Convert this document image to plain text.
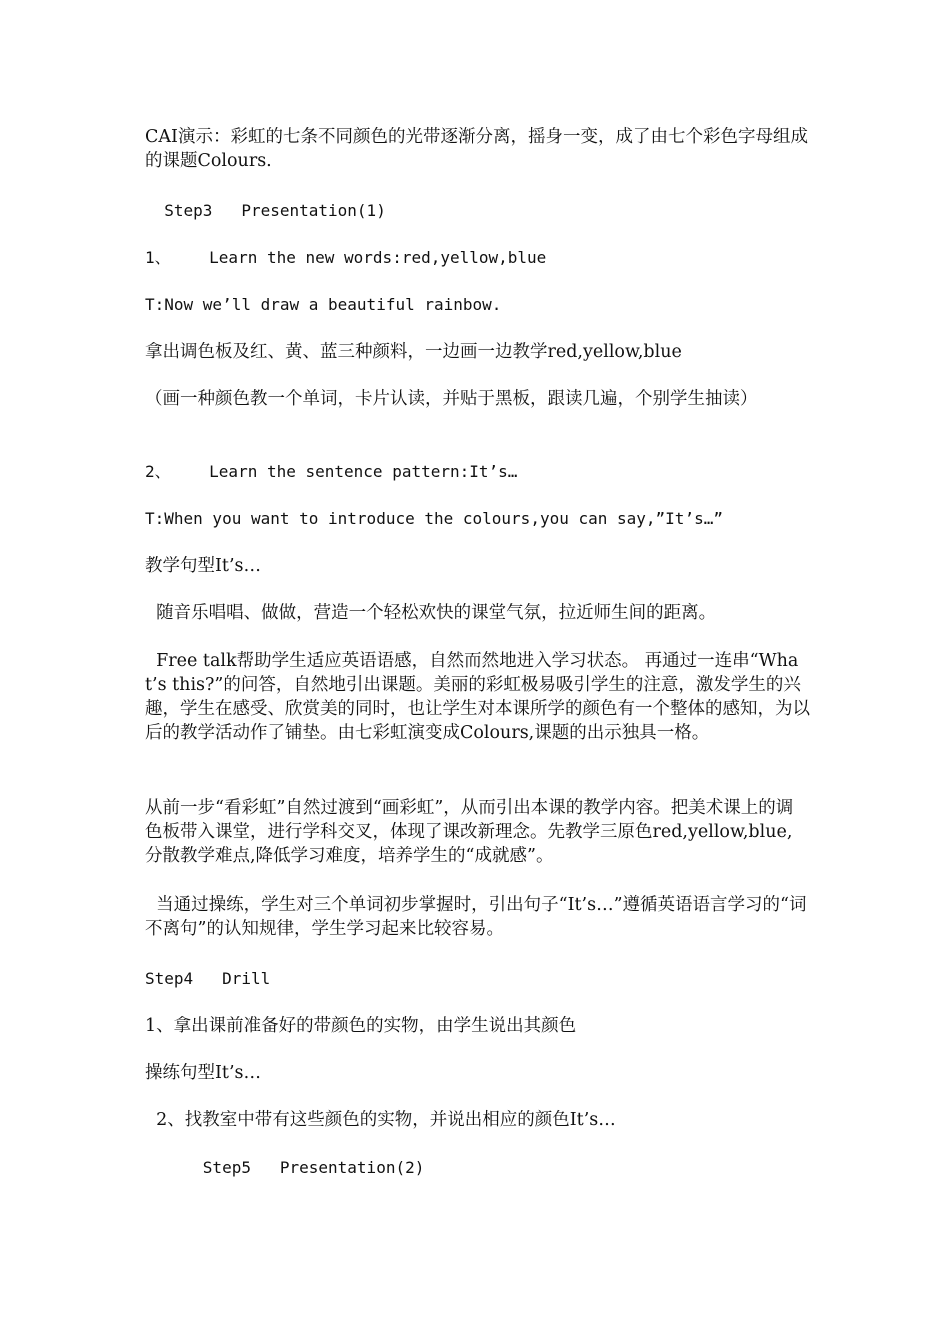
CAI演示：彩虹的七条不同颜色的光带逐渐分离，摇身一变，成了由七个彩色字母组成的课题Colours.
Step3   Presentation(1)
1、    Learn the new words:red,yellow,blue
T:Now we’ll draw a beautiful rainbow.
拿出调色板及红、黄、蓝三种颜料，一边画一边教学red,yellow,blue
（画一种颜色教一个单词，卡片认读，并贴于黑板，跟读几遍，个别学生抽读）
2、    Learn the sentence pattern:It’s…
T:When you want to introduce the colours,you can say,”It’s…”
教学句型It’s…
随音乐唱唱、做做，营造一个轻松欢快的课堂气氛，拉近师生间的距离。
Free talk帮助学生适应英语语感，自然而然地进入学习状态。 再通过一连串“What’s this?”的问答，自然地引出课题。美丽的彩虹极易吸引学生的注意，激发学生的兴趣，学生在感受、欣赏美的同时，也让学生对本课所学的颜色有一个整体的感知，为以后的教学活动作了铺垫。由七彩虹演变成Colours,课题的出示独具一格。
从前一步“看彩虹”自然过渡到“画彩虹”，从而引出本课的教学内容。把美术课上的调色板带入课堂，进行学科交叉，体现了课改新理念。先教学三原色red,yellow,blue, 分散教学难点,降低学习难度，培养学生的“成就感”。
当通过操练，学生对三个单词初步掌握时，引出句子“It’s…”遵循英语语言学习的“词不离句”的认知规律，学生学习起来比较容易。
Step4   Drill
1、拿出课前准备好的带颜色的实物，由学生说出其颜色
操练句型It’s…
2、找教室中带有这些颜色的实物，并说出相应的颜色It’s…
Step5   Presentation(2)
